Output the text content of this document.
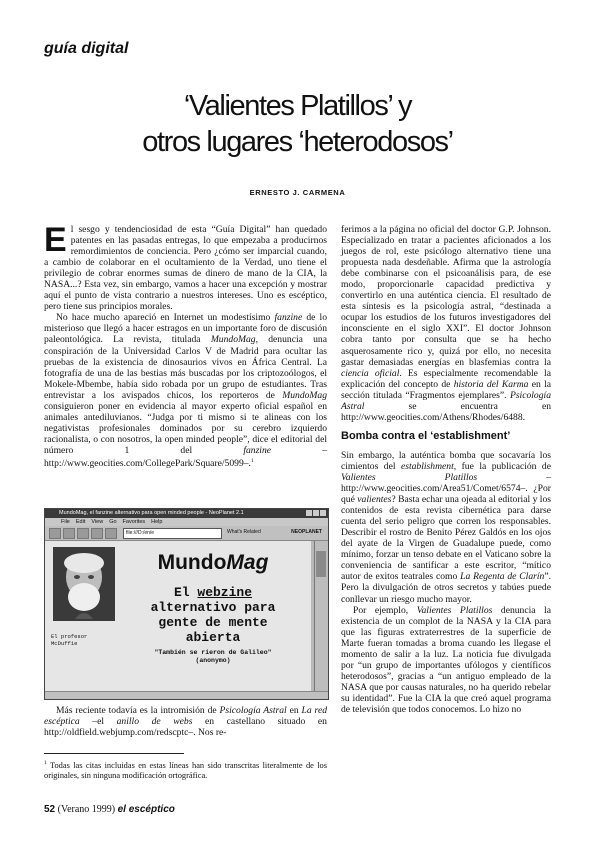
guía digital
‘Valientes Platillos’ y
otros lugares ‘heterodosos’
ERNESTO J. CARMENA

El sesgo y tendenciosidad de esta “Guía Digital” han quedado patentes en las pasadas entregas, lo que empezaba a producirnos remordimientos de conciencia. Pero ¿cómo ser imparcial cuando, a cambio de colaborar en el ocultamiento de la Verdad, uno tiene el privilegio de cobrar enormes sumas de dinero de mano de la CIA, la NASA...? Esta vez, sin embargo, vamos a hacer una excepción y mostrar aquí el punto de vista contrario a nuestros intereses. Uno es escéptico, pero tiene sus principios morales.

No hace mucho apareció en Internet un modestísimo fanzine de lo misterioso que llegó a hacer estragos en un importante foro de discusión paleontológica. La revista, titulada MundoMag, denuncia una conspiración de la Universidad Carlos V de Madrid para ocultar las pruebas de la existencia de dinosaurios vivos en África Central. La fotografía de una de las bestias más buscadas por los criptozoólogos, el Mokele-Mbembe, había sido robada por un grupo de estudiantes. Tras entrevistar a los avispados chicos, los reporteros de MundoMag consiguieron poner en evidencia al mayor experto oficial español en animales antediluvianos. “Judga por ti mismo si te alineas con los negativistas profesionales dominados por su cerebro izquierdo racionalista, o con nosotros, la open minded people”, dice el editorial del número 1 del fanzine –http://www.geocities.com/CollegePark/Square/5099–.$^1$

MundoMag, el fanzine alternativo para open minded people - NeoPlanet 2.1
File Edit View Go Favorites Help
file:///D:/en/e	What's Related	NEOPLANET
El profesor
McDuffie
MundoMag
El webzine
alternativo para
gente de mente
abierta
"También se rieron de Galileo"
(anonymo)

Más reciente todavía es la intromisión de Psicología Astral en La red escéptica –el anillo de webs en castellano situado en http://oldfield.webjump.com/redscptc–. Nos re-

$^1$ Todas las citas incluidas en estas líneas han sido transcritas literalmente de los originales, sin ninguna modificación ortográfica.

ferimos a la página no oficial del doctor G.P. Johnson. Especializado en tratar a pacientes aficionados a los juegos de rol, este psicólogo alternativo tiene una propuesta nada desdeñable. Afirma que la astrología debe combinarse con el psicoanálisis para, de ese modo, proporcionarle capacidad predictiva y convertirlo en una auténtica ciencia. El resultado de esta síntesis es la psicología astral, “destinada a ocupar los estudios de los futuros investigadores del inconsciente en el siglo XXI”. El doctor Johnson cobra tanto por consulta que se ha hecho asquerosamente rico y, quizá por ello, no necesita gastar demasiadas energías en blasfemias contra la ciencia oficial. Es especialmente recomendable la explicación del concepto de historia del Karma en la sección titulada “Fragmentos ejemplares”. Psicología Astral se encuentra en http://www.geocities.com/Athens/Rhodes/6488.

Bomba contra el ‘establishment’

Sin embargo, la auténtica bomba que socavaría los cimientos del establishment, fue la publicación de Valientes Platillos –http://www.geocities.com/Area51/Comet/6574–. ¿Por qué valientes? Basta echar una ojeada al editorial y los contenidos de esta revista cibernética para darse cuenta del serio peligro que corren los responsables. Describir el rostro de Benito Pérez Galdós en los ojos del ayate de la Virgen de Guadalupe puede, como mínimo, forzar un tenso debate en el Vaticano sobre la conveniencia de santificar a este escritor, “mítico autor de exitos teatrales como La Regenta de Clarín”. Pero la divulgación de otros secretos y tabúes puede conllevar un riesgo mucho mayor.

Por ejemplo, Valientes Platillos denuncia la existencia de un complot de la NASA y la CIA para que las figuras extraterrestres de la superficie de Marte fueran tomadas a broma cuando les llegase el momento de salir a la luz. La noticia fue divulgada por “un grupo de importantes ufólogos y científicos heterodosos”, gracias a “un antiguo empleado de la NASA que por causas naturales, no ha querido rebelar su identidad”. Fue la CIA la que creó aquel programa de televisión que todos conocemos. Lo hizo no

52 (Verano 1999) el escéptico
